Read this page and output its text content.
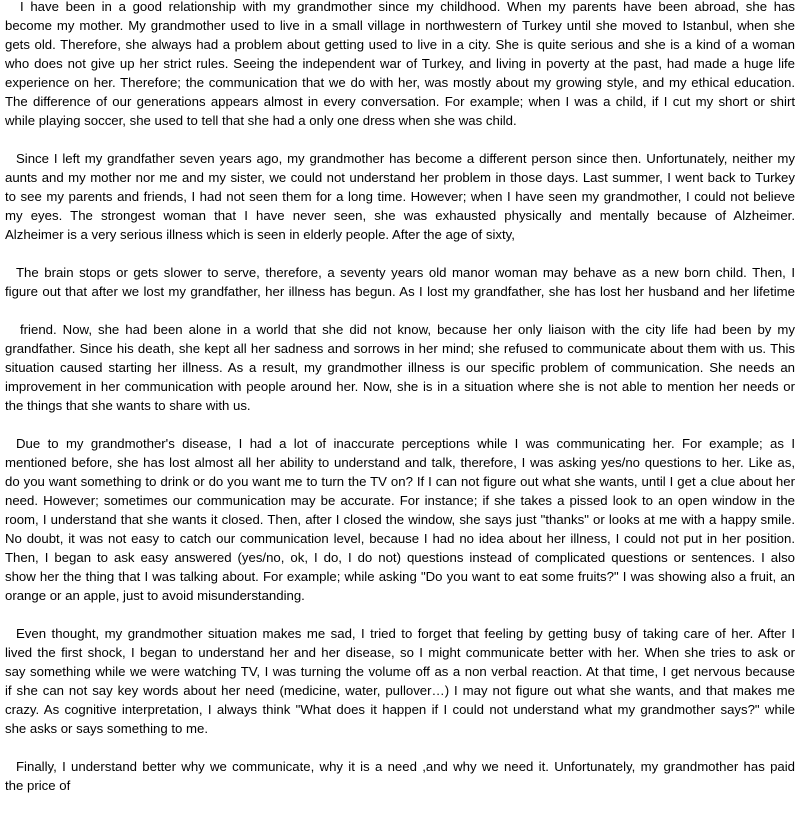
I have been in a good relationship with my grandmother since my childhood. When my parents have been abroad, she has
become my mother. My grandmother used to live in a small village in northwestern of Turkey until she moved to Istanbul, when she
gets old. Therefore, she always had a problem about getting used to live in a city. She is quite serious and she is a kind of a woman
who does not give up her strict rules. Seeing the independent war of Turkey, and living in poverty at the past, had made a huge life
experience on her. Therefore; the communication that we do with her, was mostly about my growing style, and my ethical education.
The difference of our generations appears almost in every conversation. For example; when I was a child, if I cut my short or shirt
while playing soccer, she used to tell that she had a only one dress when she was child.
Since I left my grandfather seven years ago, my grandmother has become a different person since then. Unfortunately, neither my
aunts and my mother nor me and my sister, we could not understand her problem in those days. Last summer, I went back to Turkey
to see my parents and friends, I had not seen them for a long time. However; when I have seen my grandmother, I could not believe
my eyes. The strongest woman that I have never seen, she was exhausted physically and mentally because of Alzheimer.
Alzheimer is a very serious illness which is seen in elderly people. After the age of sixty,
The brain stops or gets slower to serve, therefore, a seventy years old manor woman may behave as a new born child. Then, I
figure out that after we lost my grandfather, her illness has begun. As I lost my grandfather, she has lost her husband and her lifetime
friend. Now, she had been alone in a world that she did not know, because her only liaison with the city life had been by my
grandfather. Since his death, she kept all her sadness and sorrows in her mind; she refused to communicate about them with us. This
situation caused starting her illness. As a result, my grandmother illness is our specific problem of communication. She needs an
improvement in her communication with people around her. Now, she is in a situation where she is not able to mention her needs or
the things that she wants to share with us.
Due to my grandmother's disease, I had a lot of inaccurate perceptions while I was communicating her. For example; as I
mentioned before, she has lost almost all her ability to understand and talk, therefore, I was asking yes/no questions to her. Like as,
do you want something to drink or do you want me to turn the TV on? If I can not figure out what she wants, until I get a clue about her
need. However; sometimes our communication may be accurate. For instance; if she takes a pissed look to an open window in the
room, I understand that she wants it closed. Then, after I closed the window, she says just "thanks" or looks at me with a happy smile.
No doubt, it was not easy to catch our communication level, because I had no idea about her illness, I could not put in her position.
Then, I began to ask easy answered (yes/no, ok, I do, I do not) questions instead of complicated questions or sentences. I also
show her the thing that I was talking about. For example; while asking "Do you want to eat some fruits?" I was showing also a fruit, an
orange or an apple, just to avoid misunderstanding.
Even thought, my grandmother situation makes me sad, I tried to forget that feeling by getting busy of taking care of her. After I
lived the first shock, I began to understand her and her disease, so I might communicate better with her. When she tries to ask or
say something while we were watching TV, I was turning the volume off as a non verbal reaction. At that time, I get nervous because
if she can not say key words about her need (medicine, water, pullover…) I may not figure out what she wants, and that makes me
crazy. As cognitive interpretation, I always think "What does it happen if I could not understand what my grandmother says?" while
she asks or says something to me.
Finally, I understand better why we communicate, why it is a need ,and why we need it. Unfortunately, my grandmother has paid
the price of
